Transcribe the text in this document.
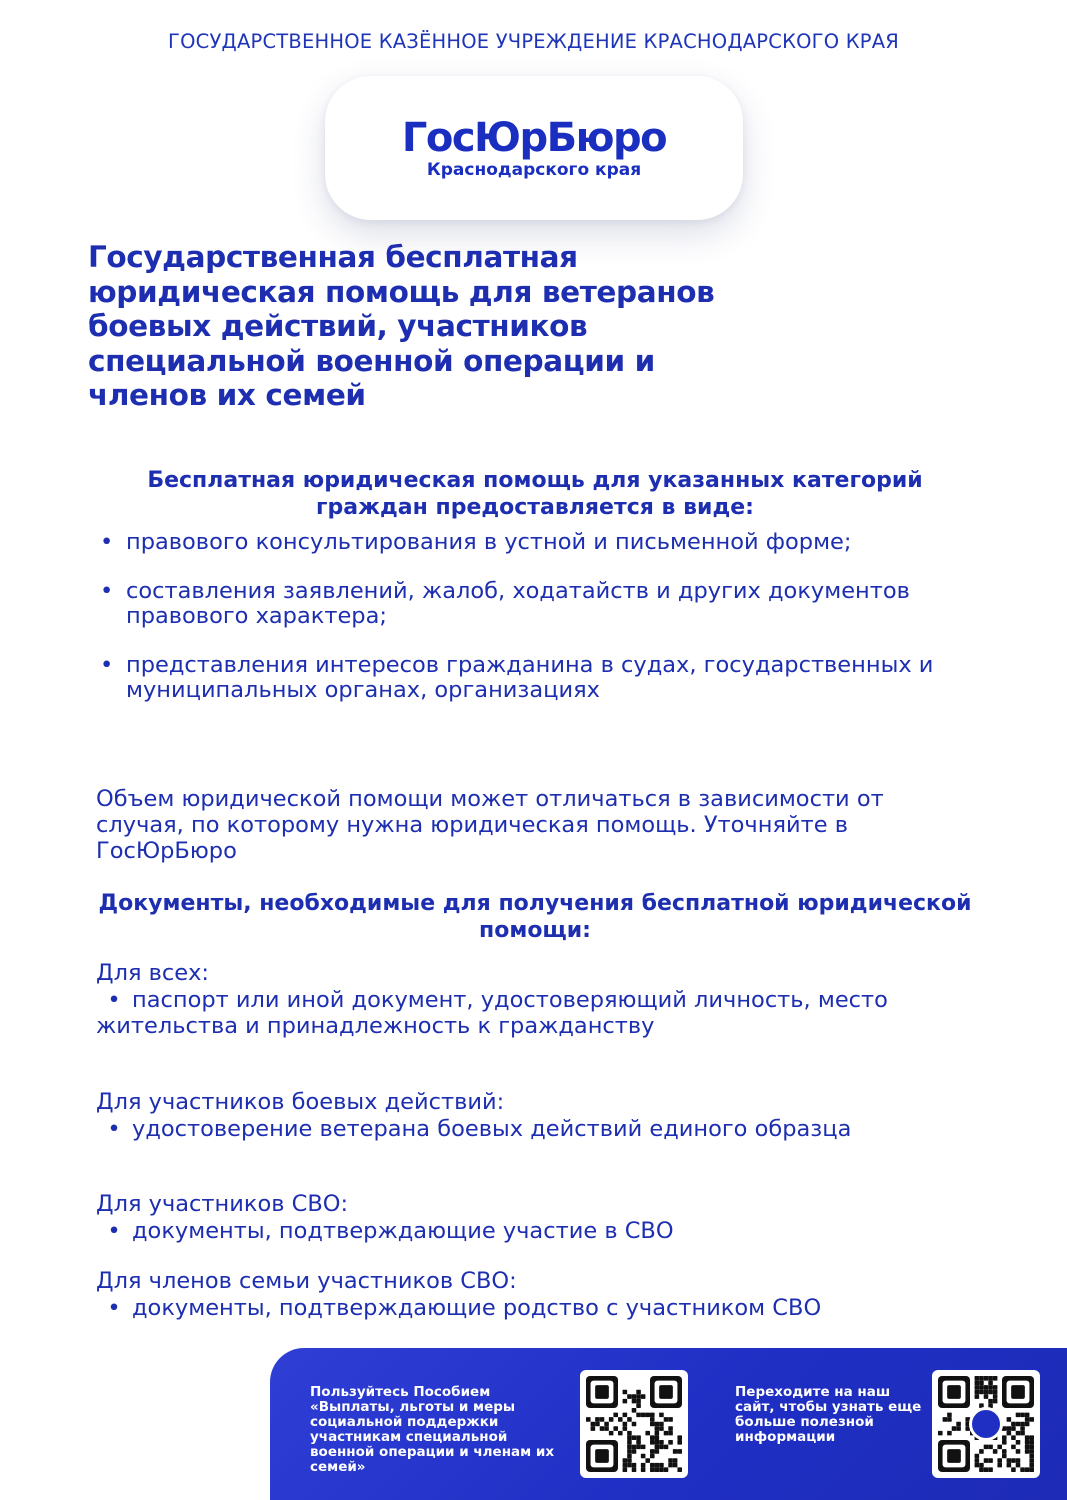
ГОСУДАРСТВЕННОЕ КАЗЁННОЕ УЧРЕЖДЕНИЕ КРАСНОДАРСКОГО КРАЯ
ГосЮрБюро
Краснодарского края
Государственная бесплатная юридическая помощь для ветеранов боевых действий, участников специальной военной операции и членов их семей
Бесплатная юридическая помощь для указанных категорий граждан предоставляется в виде:
• правового консультирования в устной и письменной форме;
• составления заявлений, жалоб, ходатайств и других документов правового характера;
• представления интересов гражданина в судах, государственных и муниципальных органах, организациях

Объем юридической помощи может отличаться в зависимости от случая, по которому нужна юридическая помощь. Уточняйте в ГосЮрБюро

Документы, необходимые для получения бесплатной юридической помощи:

Для всех:

• паспорт или иной документ, удостоверяющий личность, место жительства и принадлежность к гражданству

Для участников боевых действий:

• удостоверение ветерана боевых действий единого образца

Для участников СВО:

• документы, подтверждающие участие в СВО

Для членов семьи участников СВО:

• документы, подтверждающие родство с участником СВО

Пользуйтесь Пособием «Выплаты, льготы и меры социальной поддержки участникам специальной военной операции и членам их семей»
Переходите на наш сайт, чтобы узнать еще больше полезной информации
